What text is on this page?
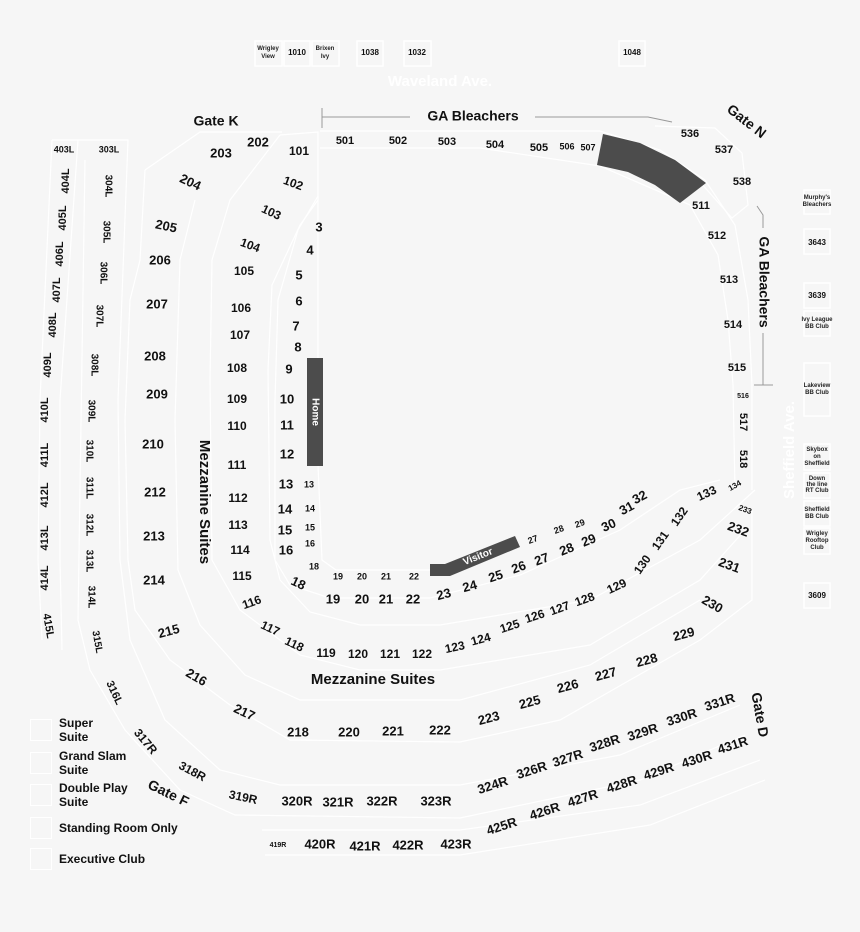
Wrigley
View 1010 Brixen
Ivy	1038	1032	1048
Waveland Ave.
Sheffield Ave.
Murphy's
Bleachers
3643
3639
Ivy League
BB Club
Lakeview
BB Club
Skybox
on
Sheffield
Down
the line
RT Club
Sheffield
BB Club
Wrigley
Rooftop
Club
3609
Home
Visitor
GA Bleachers
GA Bleachers
Mezzanine Suites
Mezzanine Suites
Gate K	Gate N
Gate D
Gate F
501	502	503	504 505 506 507
511
512
513
514
515
516
517
518
536
537
538
3
4
5
6
7
8
9
10
11
12
13
14
15
16
18
13
14
15
16
18
19 20 21 22
19 20 21 22 23 24
25 26 27
28 29
30
31
32
27
28 29
101
102
103
104
105
106
107
108
109
110
111
112
113
114
115
116
117
118 119 120 121 122 123 124
125
126 127 128
129
130
131
132
133 134
202
203
204
205
206
207
208
209
210
212
213
214
215
216
217
218 220 221 222
223
225
226
227
228
229
230
231
232
233
303L
304L
305L
306L
307L
308L
309L
310L
311L
312L
313L
314L
315L
316L
317R
318R
319R 320R 321R 322R 323R
324R
326R
327R
328R 329R
330R
331R
403L
404L
405L
406L
407L
408L
409L
410L
411L
412L
413L
414L
415L
419R 420R 421R 422R 423R
425R
426R
427R
428R
429R
430R
431R
Super Suite
Grand Slam Suite
Double Play Suite
Standing Room Only
Executive Club
